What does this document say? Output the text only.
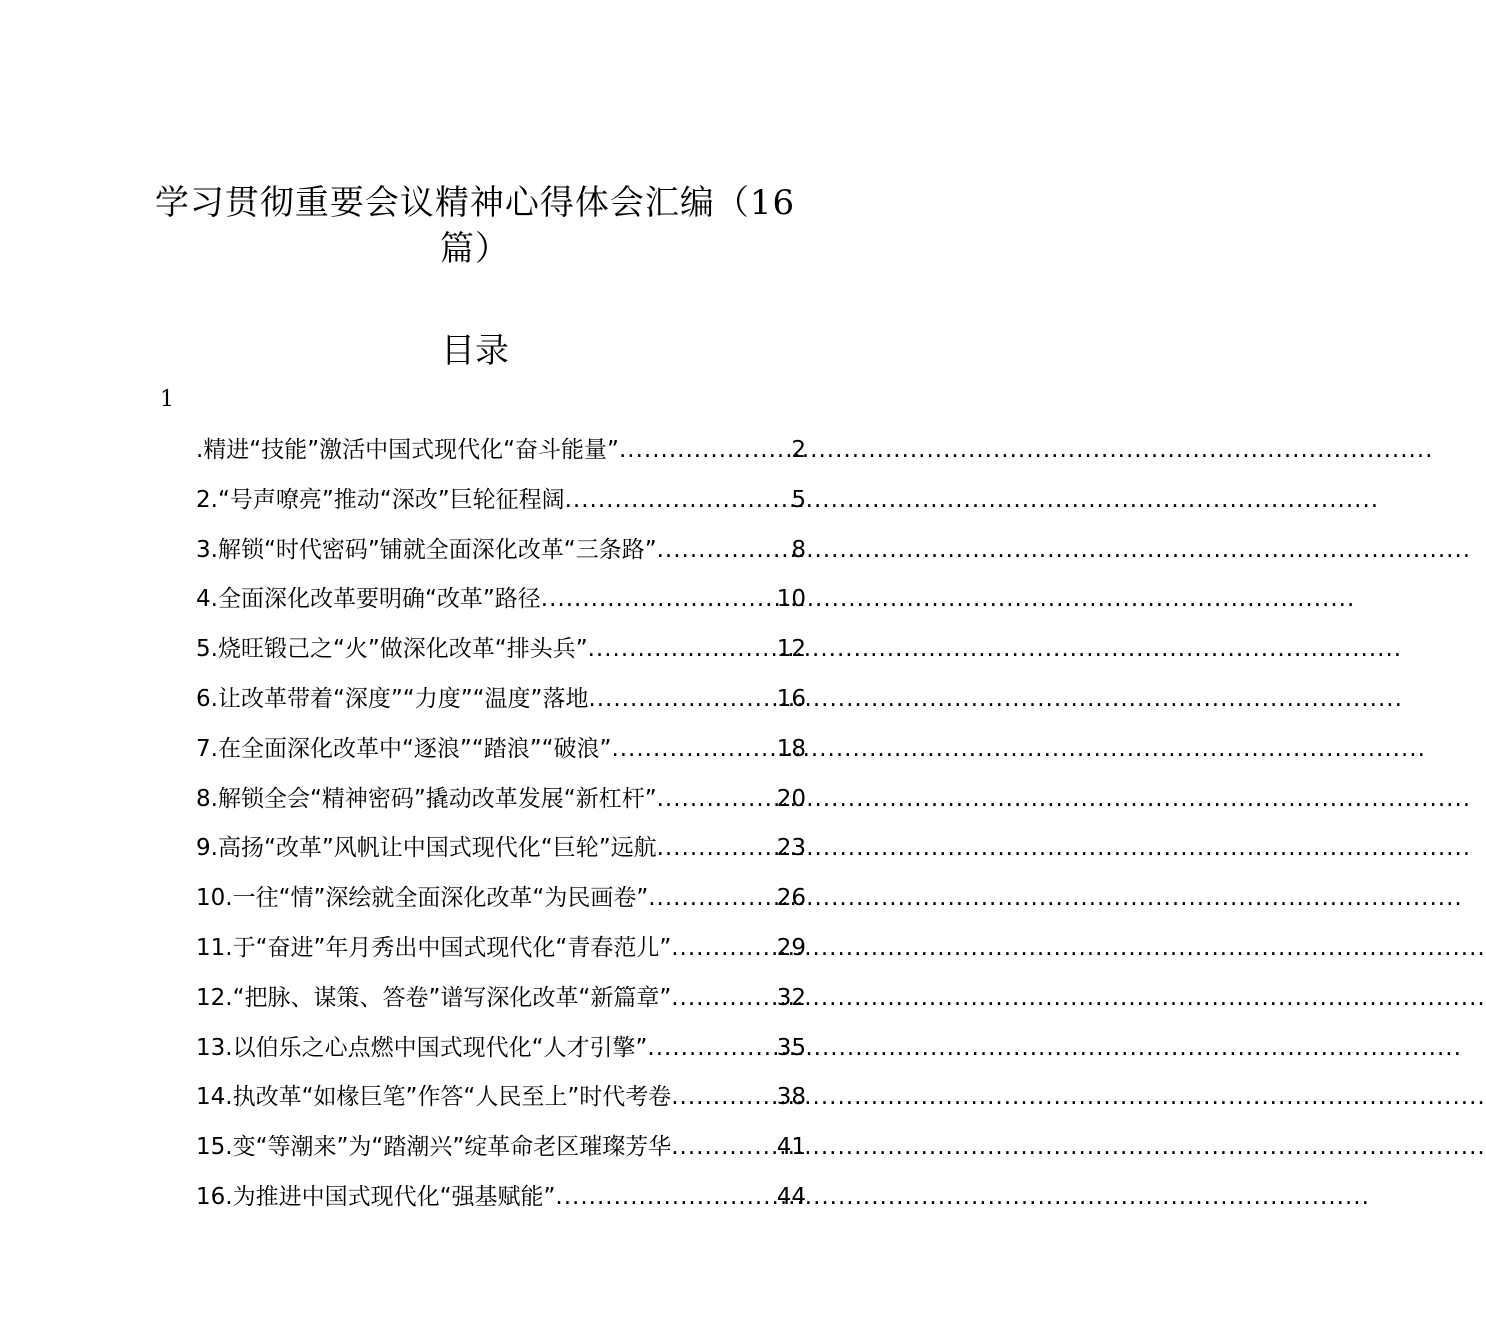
学习贯彻重要会议精神心得体会汇编（16
篇）
目录
1
.精进“技能”激活中国式现代化“奋斗能量” .....	2
2.“号声嘹亮”推动“深改”巨轮征程阔 .....	5
3.解锁“时代密码”铺就全面深化改革“三条路” .....	8
4.全面深化改革要明确“改革”路径 .....	10
5.烧旺锻己之“火”做深化改革“排头兵” .....	12
6.让改革带着“深度”“力度”“温度”落地 .....	16
7.在全面深化改革中“逐浪”“踏浪”“破浪” .....	18
8.解锁全会“精神密码”撬动改革发展“新杠杆” .....	20
9.高扬“改革”风帆让中国式现代化“巨轮”远航 .....	23
10.一往“情”深绘就全面深化改革“为民画卷” .....	26
11.于“奋进”年月秀出中国式现代化“青春范儿” .....	29
12.“把脉、谋策、答卷”谱写深化改革“新篇章” .....	32
13.以伯乐之心点燃中国式现代化“人才引擎” .....	35
14.执改革“如椽巨笔”作答“人民至上”时代考卷 .....	38
15.变“等潮来”为“踏潮兴”绽革命老区璀璨芳华 .....	41
16.为推进中国式现代化“强基赋能” .....	44
